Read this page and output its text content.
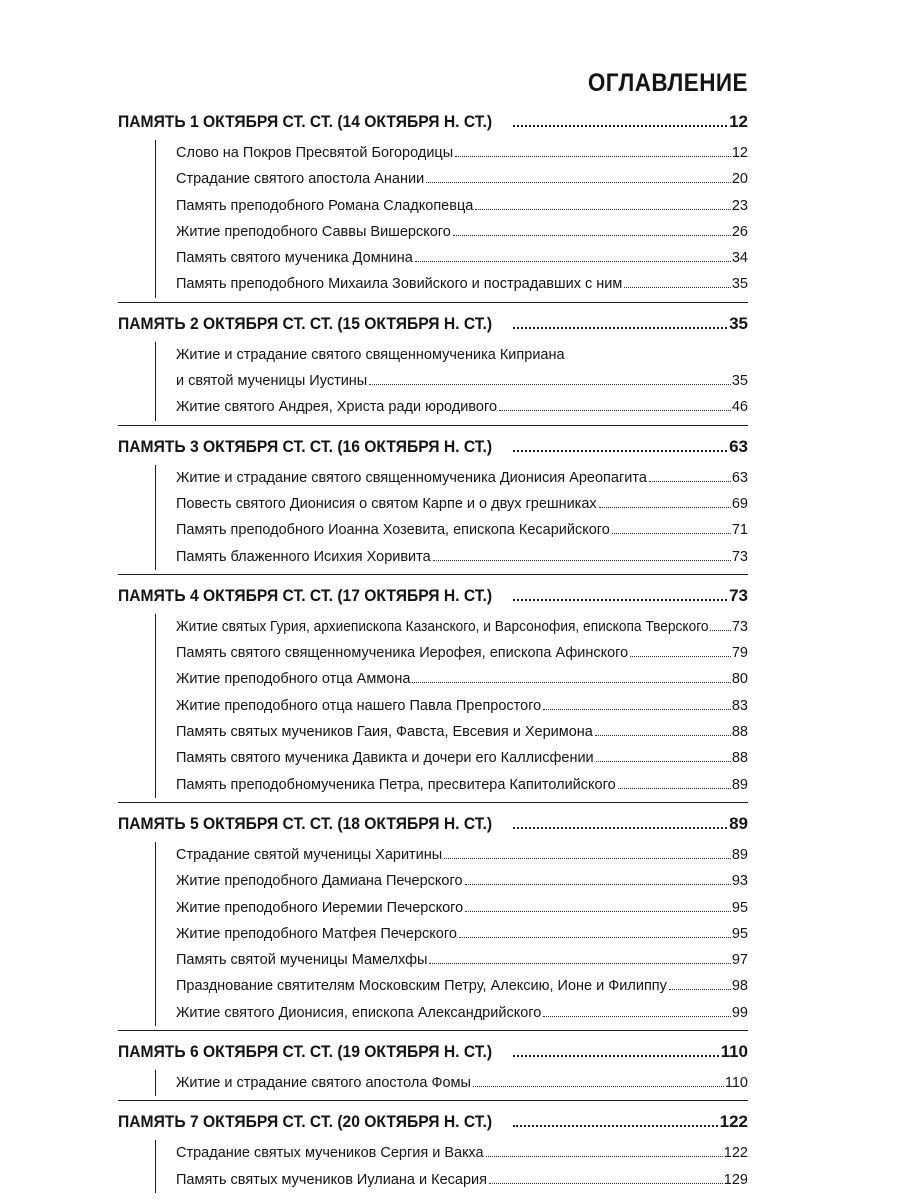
ОГЛАВЛЕНИЕ
ПАМЯТЬ 1 ОКТЯБРЯ СТ. СТ. (14 ОКТЯБРЯ Н. СТ.)	12
Слово на Покров Пресвятой Богородицы	12
Страдание святого апостола Анании	20
Память преподобного Романа Сладкопевца	23
Житие преподобного Саввы Вишерского	26
Память святого мученика Домнина	34
Память преподобного Михаила Зовийского и пострадавших с ним	35
ПАМЯТЬ 2 ОКТЯБРЯ СТ. СТ. (15 ОКТЯБРЯ Н. СТ.)	35
Житие и страдание святого священномученика Киприана
и святой мученицы Иустины	35
Житие святого Андрея, Христа ради юродивого	46
ПАМЯТЬ 3 ОКТЯБРЯ СТ. СТ. (16 ОКТЯБРЯ Н. СТ.)	63
Житие и страдание святого священномученика Дионисия Ареопагита	63
Повесть святого Дионисия о святом Карпе и о двух грешниках	69
Память преподобного Иоанна Хозевита, епископа Кесарийского	71
Память блаженного Исихия Хоривита	73
ПАМЯТЬ 4 ОКТЯБРЯ СТ. СТ. (17 ОКТЯБРЯ Н. СТ.)	73
Житие святых Гурия, архиепископа Казанского, и Варсонофия, епископа Тверского 73
Память святого священномученика Иерофея, епископа Афинского	79
Житие преподобного отца Аммона	80
Житие преподобного отца нашего Павла Препростого	83
Память святых мучеников Гаия, Фавста, Евсевия и Херимона	88
Память святого мученика Давикта и дочери его Каллисфении	88
Память преподобномученика Петра, пресвитера Капитолийского	89
ПАМЯТЬ 5 ОКТЯБРЯ СТ. СТ. (18 ОКТЯБРЯ Н. СТ.)	89
Страдание святой мученицы Харитины	89
Житие преподобного Дамиана Печерского	93
Житие преподобного Иеремии Печерского	95
Житие преподобного Матфея Печерского	95
Память святой мученицы Мамелхфы	97
Празднование святителям Московским Петру, Алексию, Ионе и Филиппу	98
Житие святого Дионисия, епископа Александрийского	99
ПАМЯТЬ 6 ОКТЯБРЯ СТ. СТ. (19 ОКТЯБРЯ Н. СТ.)	110
Житие и страдание святого апостола Фомы	110
ПАМЯТЬ 7 ОКТЯБРЯ СТ. СТ. (20 ОКТЯБРЯ Н. СТ.)	122
Страдание святых мучеников Сергия и Вакха	122
Память святых мучеников Иулиана и Кесария	129
